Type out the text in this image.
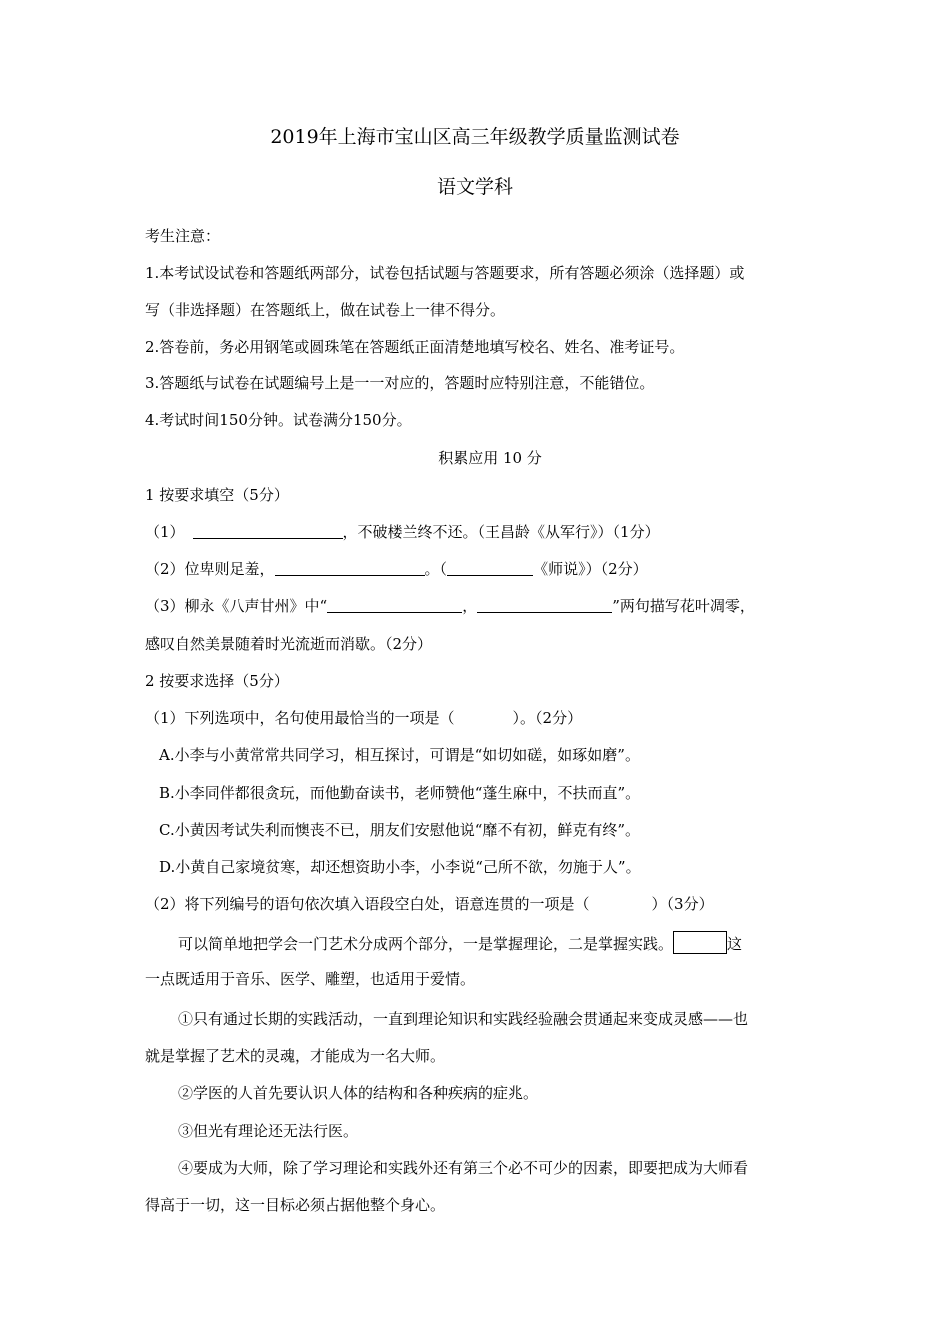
2019年上海市宝山区高三年级教学质量监测试卷
语文学科
考生注意：
1.本考试设试卷和答题纸两部分，试卷包括试题与答题要求，所有答题必须涂（选择题）或
写（非选择题）在答题纸上，做在试卷上一律不得分。
2.答卷前，务必用钢笔或圆珠笔在答题纸正面清楚地填写校名、姓名、准考证号。
3.答题纸与试卷在试题编号上是一一对应的，答题时应特别注意，不能错位。
4.考试时间150分钟。试卷满分150分。
积累应用 10 分
1 按要求填空（5分）
（1）	，不破楼兰终不还。（王昌龄《从军行》）（1分）
（2）位卑则足羞，	。（	《师说》）（2分）
（3）柳永《八声甘州》中“	，	”两句描写花叶凋零，
感叹自然美景随着时光流逝而消歇。（2分）
2 按要求选择（5分）
（1）下列选项中，名句使用最恰当的一项是（	）。（2分）
A.小李与小黄常常共同学习，相互探讨，可谓是“如切如磋，如琢如磨”。
B.小李同伴都很贪玩，而他勤奋读书，老师赞他“蓬生麻中，不扶而直”。
C.小黄因考试失利而懊丧不已，朋友们安慰他说“靡不有初，鲜克有终”。
D.小黄自己家境贫寒，却还想资助小李，小李说“己所不欲，勿施于人”。
（2）将下列编号的语句依次填入语段空白处，语意连贯的一项是（	）（3分）
可以简单地把学会一门艺术分成两个部分，一是掌握理论，二是掌握实践。	这
一点既适用于音乐、医学、雕塑，也适用于爱情。
①只有通过长期的实践活动，一直到理论知识和实践经验融会贯通起来变成灵感——也
就是掌握了艺术的灵魂，才能成为一名大师。
②学医的人首先要认识人体的结构和各种疾病的症兆。
③但光有理论还无法行医。
④要成为大师，除了学习理论和实践外还有第三个必不可少的因素，即要把成为大师看
得高于一切，这一目标必须占据他整个身心。
